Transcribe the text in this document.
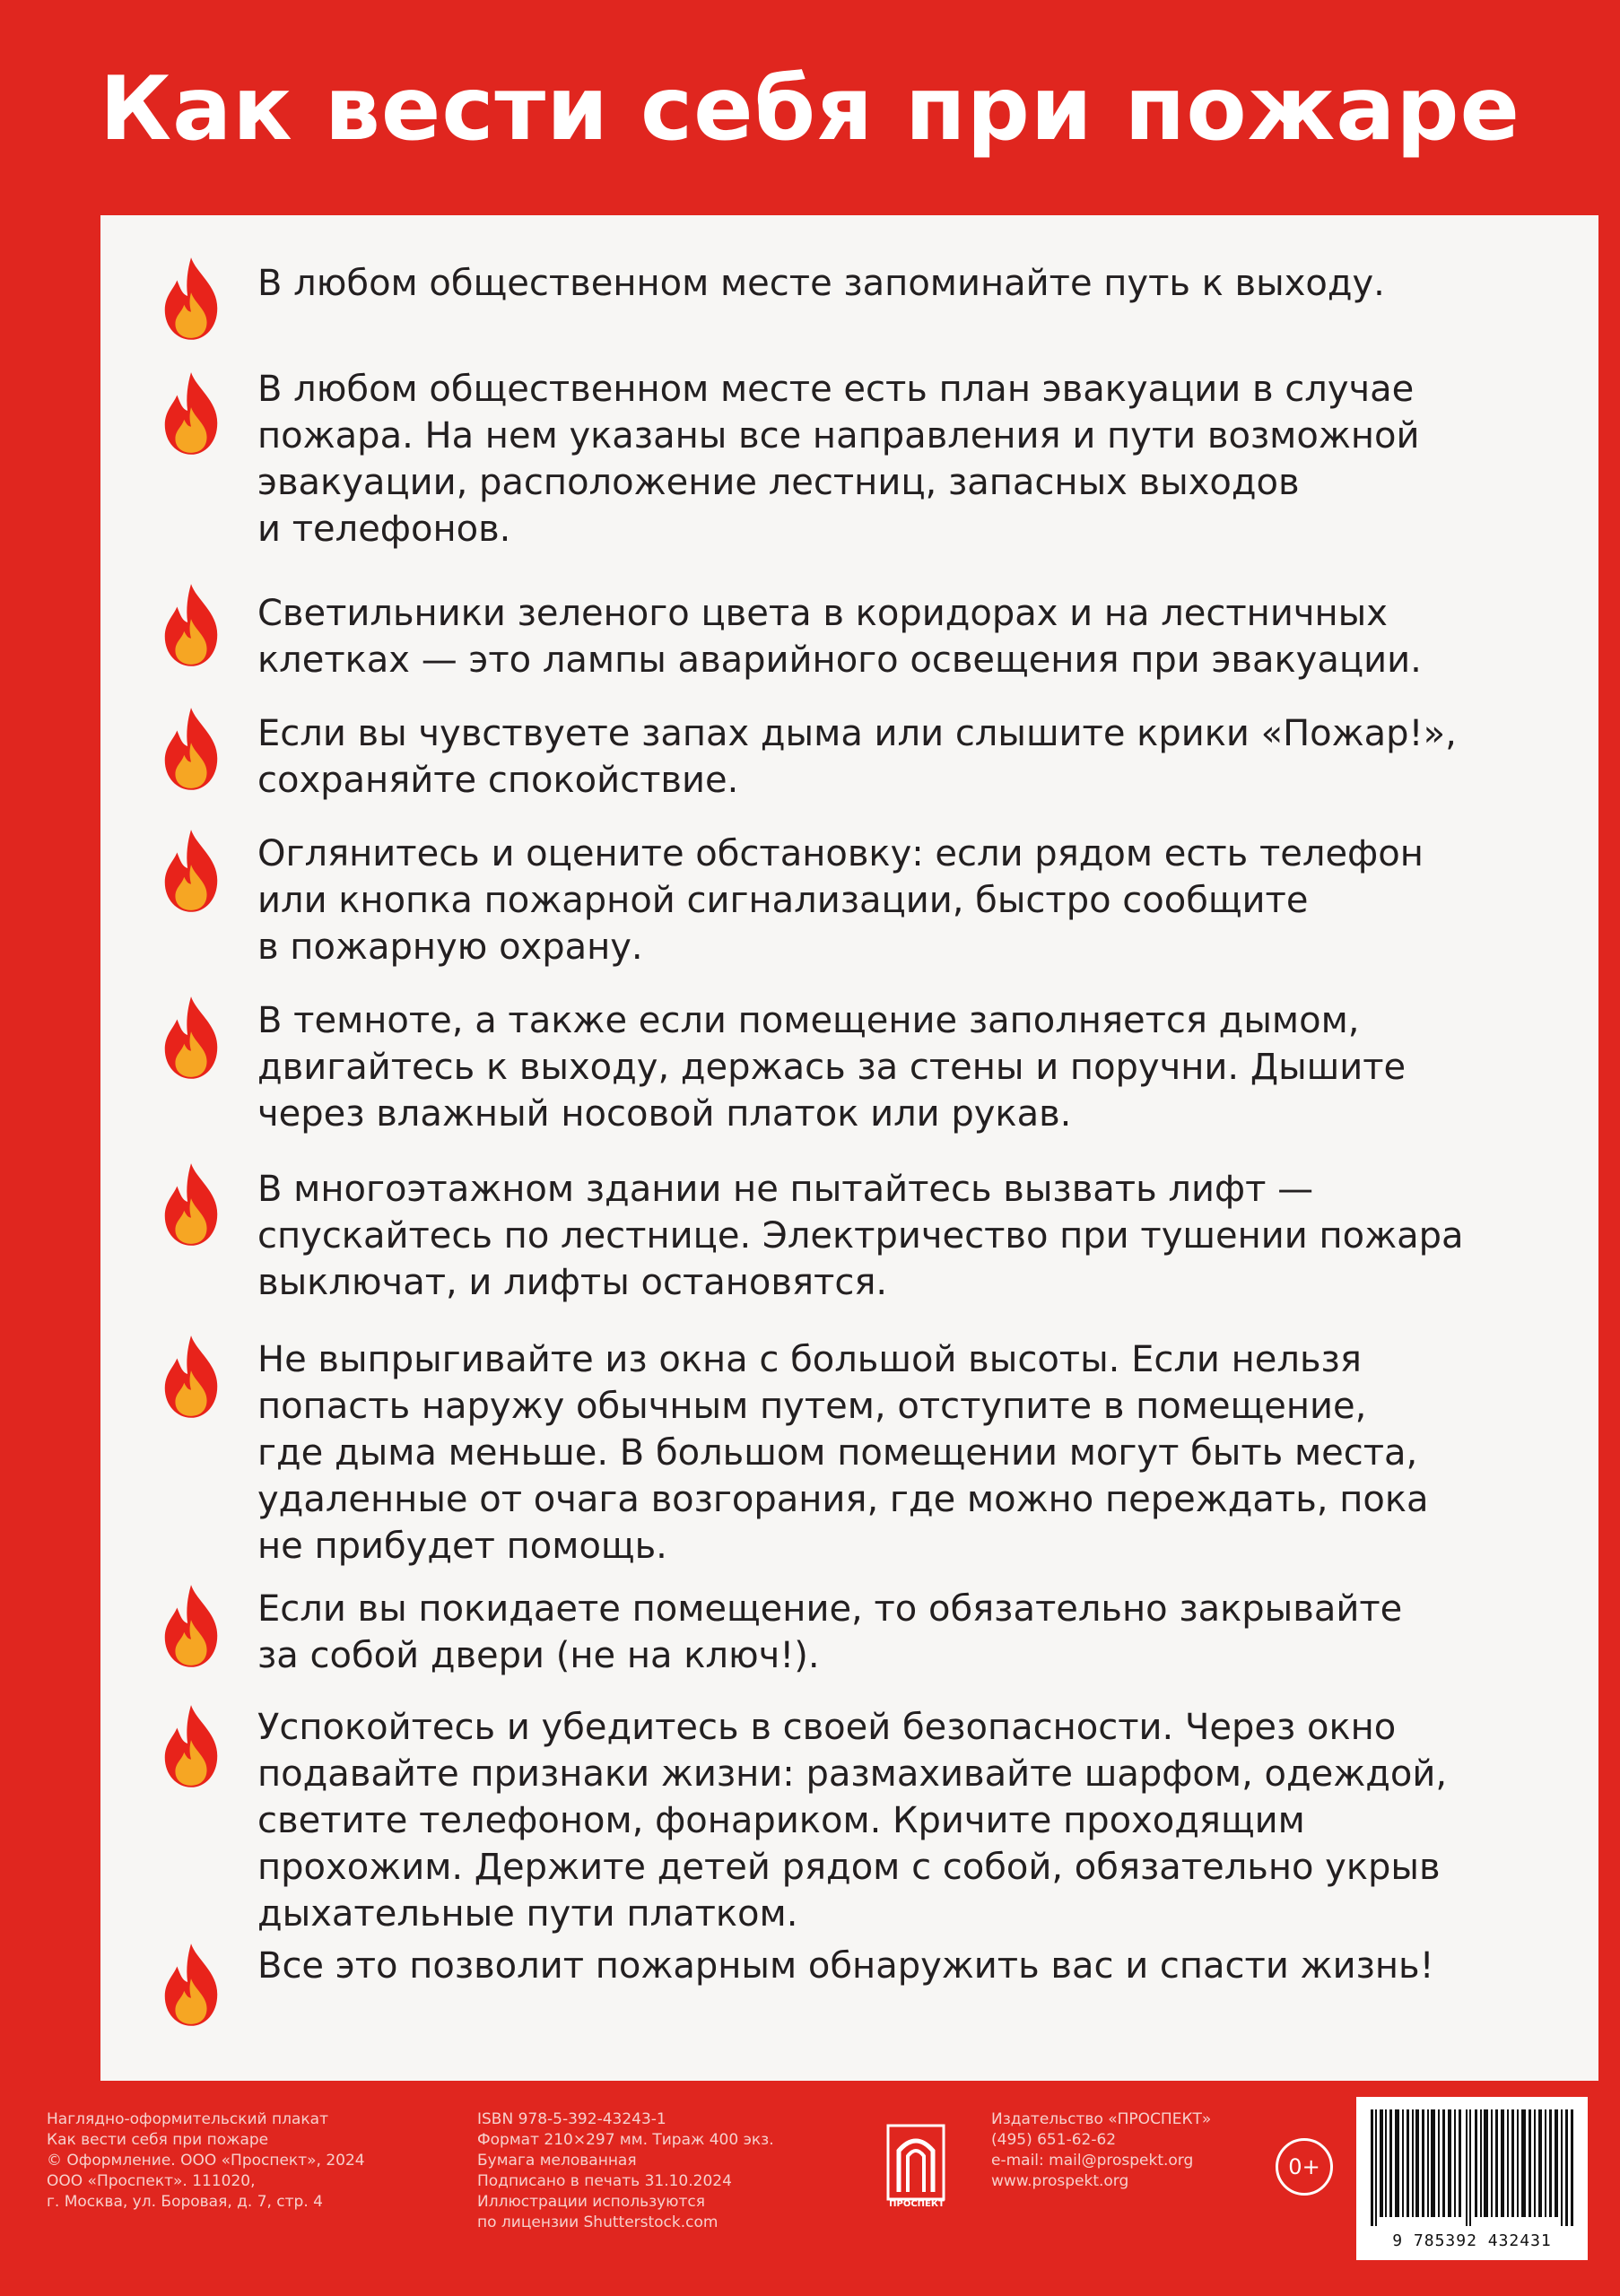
Как вести себя при пожаре
В любом общественном месте запоминайте путь к выходу.
В любом общественном месте есть план эвакуации в случае
пожара. На нем указаны все направления и пути возможной
эвакуации, расположение лестниц, запасных выходов
и телефонов.
Светильники зеленого цвета в коридорах и на лестничных
клетках — это лампы аварийного освещения при эвакуации.
Если вы чувствуете запах дыма или слышите крики «Пожар!»,
сохраняйте спокойствие.
Оглянитесь и оцените обстановку: если рядом есть телефон
или кнопка пожарной сигнализации, быстро сообщите
в пожарную охрану.
В темноте, а также если помещение заполняется дымом,
двигайтесь к выходу, держась за стены и поручни. Дышите
через влажный носовой платок или рукав.
В многоэтажном здании не пытайтесь вызвать лифт —
спускайтесь по лестнице. Электричество при тушении пожара
выключат, и лифты остановятся.
Не выпрыгивайте из окна с большой высоты. Если нельзя
попасть наружу обычным путем, отступите в помещение,
где дыма меньше. В большом помещении могут быть места,
удаленные от очага возгорания, где можно переждать, пока
не прибудет помощь.
Если вы покидаете помещение, то обязательно закрывайте
за собой двери (не на ключ!).
Успокойтесь и убедитесь в своей безопасности. Через окно
подавайте признаки жизни: размахивайте шарфом, одеждой,
светите телефоном, фонариком. Кричите проходящим
прохожим. Держите детей рядом с собой, обязательно укрыв
дыхательные пути платком.
Все это позволит пожарным обнаружить вас и спасти жизнь!
Наглядно-оформительский плакат
Как вести себя при пожаре
© Оформление. ООО «Проспект», 2024
ООО «Проспект». 111020,
г. Москва, ул. Боровая, д. 7, стр. 4
ISBN 978-5-392-43243-1
Формат 210×297 мм. Тираж 400 экз.
Бумага мелованная
Подписано в печать 31.10.2024
Иллюстрации используются
по лицензии Shutterstock.com
ПРОСПЕКТ
Издательство «ПРОСПЕКТ»
(495) 651-62-62
e-mail: mail@prospekt.org
www.prospekt.org
0+
9 785392 432431
